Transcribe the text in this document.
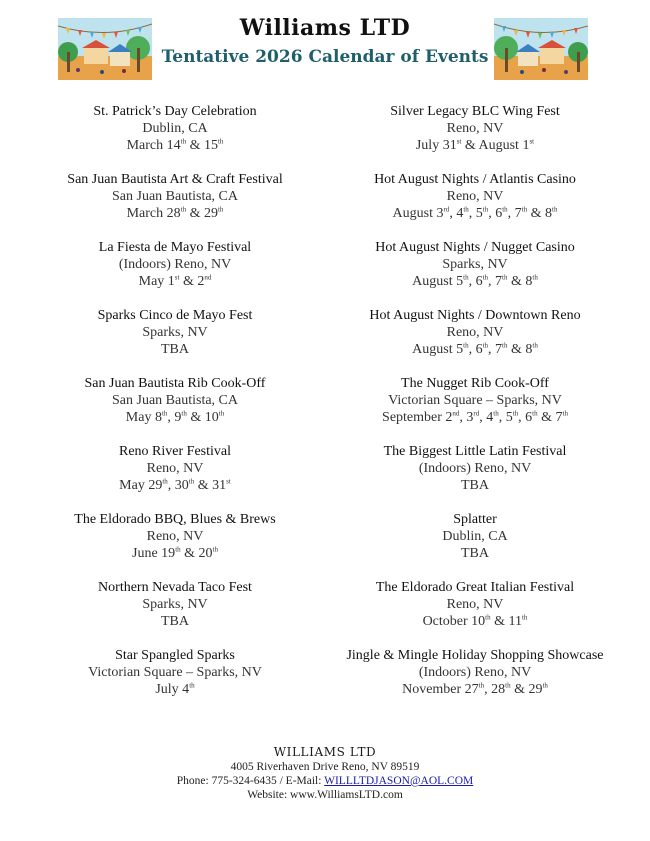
Williams LTD
Tentative 2026 Calendar of Events
St. Patrick’s Day Celebration
Dublin, CA
March 14th & 15th
San Juan Bautista Art & Craft Festival
San Juan Bautista, CA
March 28th & 29th
La Fiesta de Mayo Festival
(Indoors) Reno, NV
May 1st & 2nd
Sparks Cinco de Mayo Fest
Sparks, NV
TBA
San Juan Bautista Rib Cook-Off
San Juan Bautista, CA
May 8th, 9th & 10th
Reno River Festival
Reno, NV
May 29th, 30th & 31st
The Eldorado BBQ, Blues & Brews
Reno, NV
June 19th & 20th
Northern Nevada Taco Fest
Sparks, NV
TBA
Star Spangled Sparks
Victorian Square – Sparks, NV
July 4th
Silver Legacy BLC Wing Fest
Reno, NV
July 31st & August 1st
Hot August Nights / Atlantis Casino
Reno, NV
August 3rd, 4th, 5th, 6th, 7th & 8th
Hot August Nights / Nugget Casino
Sparks, NV
August 5th, 6th, 7th & 8th
Hot August Nights / Downtown Reno
Reno, NV
August 5th, 6th, 7th & 8th
The Nugget Rib Cook-Off
Victorian Square – Sparks, NV
September 2nd, 3rd, 4th, 5th, 6th & 7th
The Biggest Little Latin Festival
(Indoors) Reno, NV
TBA
Splatter
Dublin, CA
TBA
The Eldorado Great Italian Festival
Reno, NV
October 10th & 11th
Jingle & Mingle Holiday Shopping Showcase
(Indoors) Reno, NV
November 27th, 28th & 29th
WILLIAMS LTD
4005 Riverhaven Drive Reno, NV 89519
Phone: 775-324-6435 / E-Mail: WILLLTDJASON@AOL.COM
Website: www.WilliamsLTD.com
